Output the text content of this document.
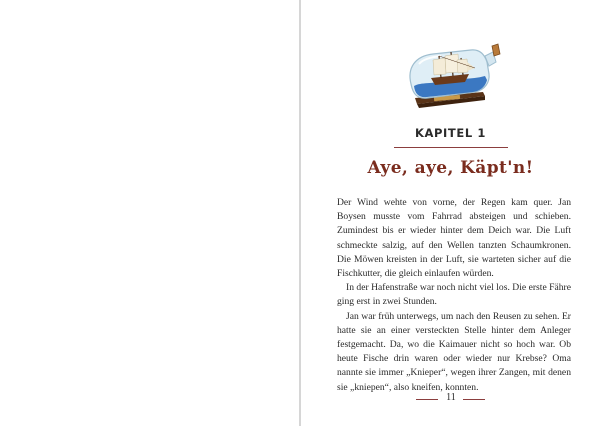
KAPITEL 1
Aye, aye, Käpt'n!

Der Wind wehte von vorne, der Regen kam quer. Jan Boysen musste vom Fahrrad absteigen und schieben. Zumindest bis er wieder hinter dem Deich war. Die Luft schmeckte salzig, auf den Wellen tanzten Schaumkronen. Die Möwen kreisten in der Luft, sie warteten sicher auf die Fischkutter, die gleich einlaufen würden.

In der Hafenstraße war noch nicht viel los. Die erste Fähre ging erst in zwei Stunden.

Jan war früh unterwegs, um nach den Reusen zu sehen. Er hatte sie an einer versteckten Stelle hinter dem Anleger festgemacht. Da, wo die Kaimauer nicht so hoch war. Ob heute Fische drin waren oder wieder nur Krebse? Oma nannte sie immer „Knieper“, wegen ihrer Zangen, mit denen sie „kniepen“, also kneifen, konnten.

11
